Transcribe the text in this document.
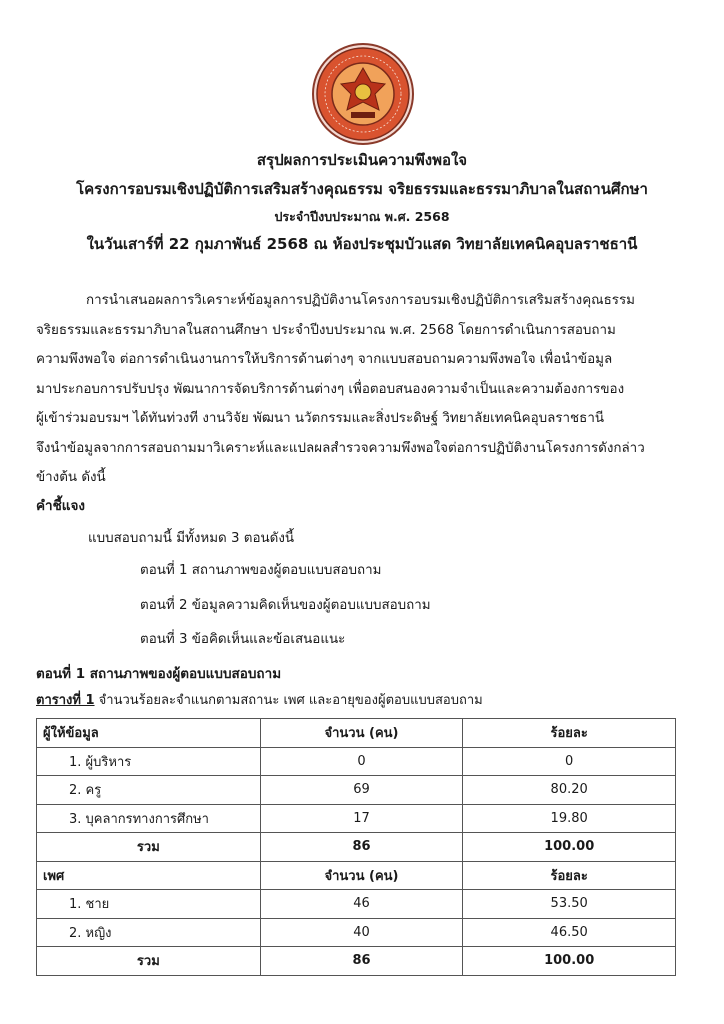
สรุปผลการประเมินความพึงพอใจ
โครงการอบรมเชิงปฏิบัติการเสริมสร้างคุณธรรม จริยธรรมและธรรมาภิบาลในสถานศึกษา
ประจำปีงบประมาณ พ.ศ. 2568
ในวันเสาร์ที่ 22 กุมภาพันธ์ 2568 ณ ห้องประชุมบัวแสด วิทยาลัยเทคนิคอุบลราชธานี
การนำเสนอผลการวิเคราะห์ข้อมูลการปฏิบัติงานโครงการอบรมเชิงปฏิบัติการเสริมสร้างคุณธรรม
จริยธรรมและธรรมาภิบาลในสถานศึกษา ประจำปีงบประมาณ พ.ศ. 2568 โดยการดำเนินการสอบถาม
ความพึงพอใจ ต่อการดำเนินงานการให้บริการด้านต่างๆ จากแบบสอบถามความพึงพอใจ เพื่อนำข้อมูล
มาประกอบการปรับปรุง พัฒนาการจัดบริการด้านต่างๆ เพื่อตอบสนองความจำเป็นและความต้องการของ
ผู้เข้าร่วมอบรมฯ ได้ทันท่วงที งานวิจัย พัฒนา นวัตกรรมและสิ่งประดิษฐ์ วิทยาลัยเทคนิคอุบลราชธานี
จึงนำข้อมูลจากการสอบถามมาวิเคราะห์และแปลผลสำรวจความพึงพอใจต่อการปฏิบัติงานโครงการดังกล่าว
ข้างต้น ดังนี้
คำชี้แจง
แบบสอบถามนี้ มีทั้งหมด 3 ตอนดังนี้
ตอนที่ 1 สถานภาพของผู้ตอบแบบสอบถาม
ตอนที่ 2 ข้อมูลความคิดเห็นของผู้ตอบแบบสอบถาม
ตอนที่ 3 ข้อคิดเห็นและข้อเสนอแนะ
ตอนที่ 1 สถานภาพของผู้ตอบแบบสอบถาม
ตารางที่ 1 จำนวนร้อยละจำแนกตามสถานะ เพศ และอายุของผู้ตอบแบบสอบถาม
ผู้ให้ข้อมูล	จำนวน (คน)	ร้อยละ
1. ผู้บริหาร	0	0
2. ครู	69	80.20
3. บุคลากรทางการศึกษา	17	19.80
รวม	86	100.00
เพศ	จำนวน (คน)	ร้อยละ
1. ชาย	46	53.50
2. หญิง	40	46.50
รวม	86	100.00
